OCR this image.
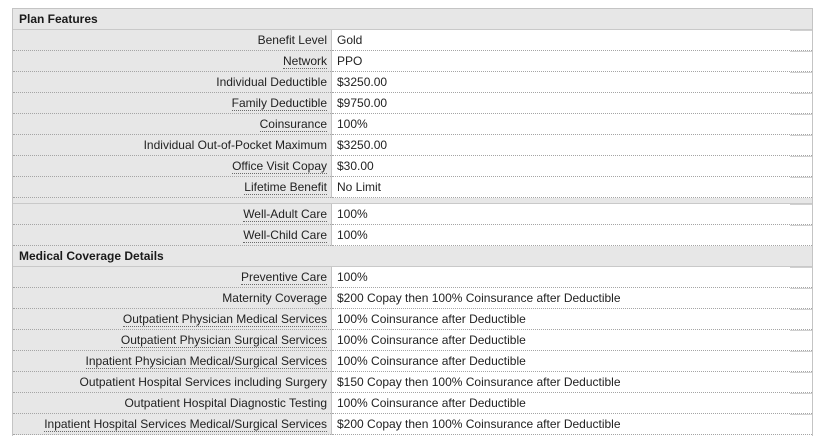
Plan Features
Benefit Level Gold
Network PPO
Individual Deductible $3250.00
Family Deductible $9750.00
Coinsurance 100%
Individual Out-of-Pocket Maximum $3250.00
Office Visit Copay $30.00
Lifetime Benefit No Limit
Well-Adult Care 100%
Well-Child Care 100%
Medical Coverage Details
Preventive Care 100%
Maternity Coverage $200 Copay then 100% Coinsurance after Deductible
Outpatient Physician Medical Services 100% Coinsurance after Deductible
Outpatient Physician Surgical Services 100% Coinsurance after Deductible
Inpatient Physician Medical/Surgical Services 100% Coinsurance after Deductible
Outpatient Hospital Services including Surgery $150 Copay then 100% Coinsurance after Deductible
Outpatient Hospital Diagnostic Testing 100% Coinsurance after Deductible
Inpatient Hospital Services Medical/Surgical Services $200 Copay then 100% Coinsurance after Deductible
